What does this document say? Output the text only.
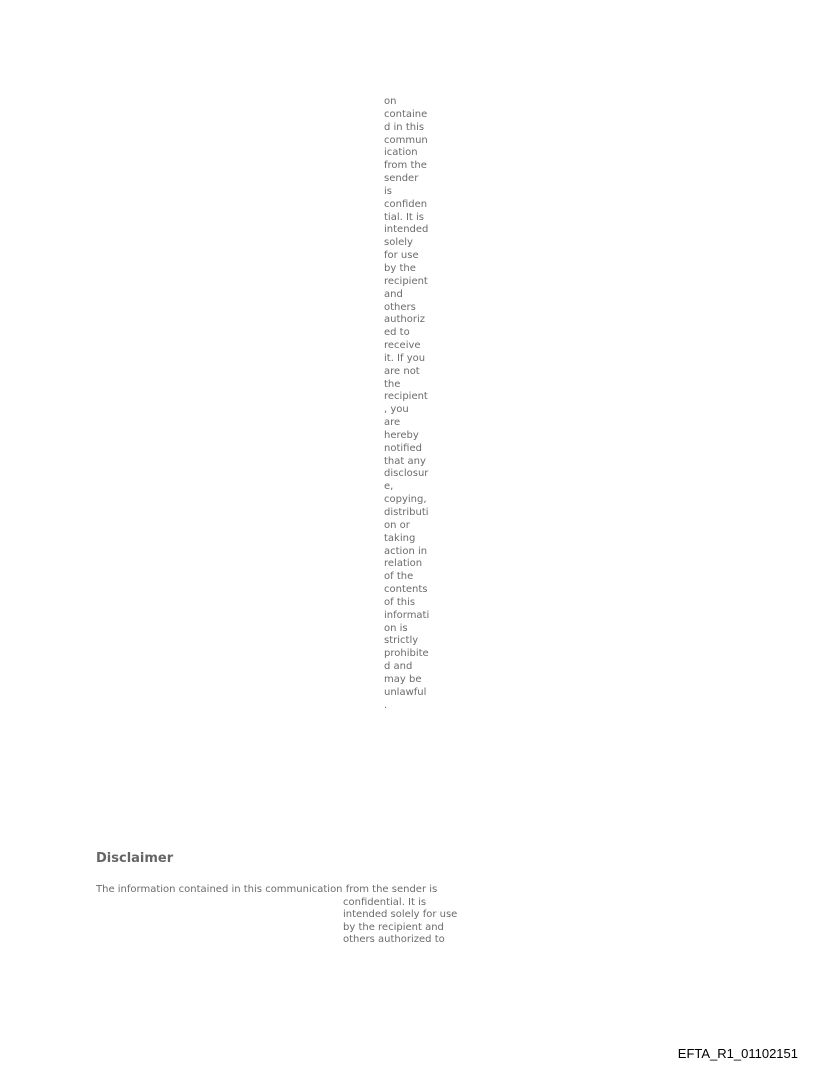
on
containe
d in this
commun
ication
from the
sender
is
confiden
tial. It is
intended
solely
for use
by the
recipient
and
others
authoriz
ed to
receive
it. If you
are not
the
recipient
, you
are
hereby
notified
that any
disclosur
e,
copying,
distributi
on or
taking
action in
relation
of the
contents
of this
informati
on is
strictly
prohibite
d and
may be
unlawful
.
Disclaimer
The information contained in this communication from the sender is
confidential. It is
intended solely for use
by the recipient and
others authorized to
EFTA_R1_01102151
